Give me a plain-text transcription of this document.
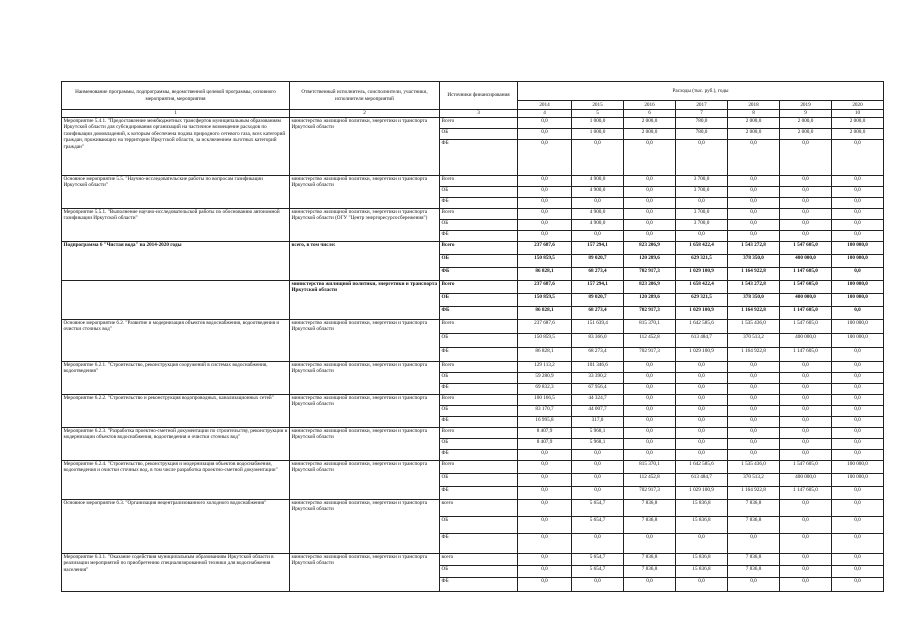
Наименование программы, подпрограммы, ведомственной целевой программы, основного мероприятия, мероприятия	Ответственный исполнитель, соисполнители, участники, исполнители мероприятий	Источники финансирования	Расходы (тыс. руб.), годы						
			2014	2015	2016	2017	2018	2019	2020
1	2	3	4	5	6	7	8	9	10
Мероприятие 5.4.1. "Предоставление межбюджетных трансфертов муниципальным образованиям Иркутской области для субсидирования организаций на частичное возмещение расходов по газификации домовладений, к которым обеспечена подача природного сетевого газа, всех категорий граждан, проживающих на территории Иркутской области, за исключением льготных категорий граждан"	министерство жилищной политики, энергетики и транспорта Иркутской области	Всего	0,0	1 000,0	2 000,0	780,0	2 000,0	2 000,0	2 000,0
		ОБ	0,0	1 000,0	2 000,0	780,0	2 000,0	2 000,0	2 000,0
		ФБ	0,0	0,0	0,0	0,0	0,0	0,0	0,0
Основное мероприятие 5.5. "Научно-исследовательские работы по вопросам газификации Иркутской области"	министерство жилищной политики, энергетики и транспорта Иркутской области	Всего	0,0	4 900,0	0,0	3 700,0	0,0	0,0	0,0
		ОБ	0,0	4 900,0	0,0	3 700,0	0,0	0,0	0,0
		ФБ	0,0	0,0	0,0	0,0	0,0	0,0	0,0
Мероприятие 5.5.1. "Выполнение научно-исследовательской работы по обоснованию автономной газификации Иркутской области"	министерство жилищной политики, энергетики и транспорта Иркутской области (ОГУ "Центр энергоресурсосбережения")	Всего	0,0	4 900,0	0,0	3 700,0	0,0	0,0	0,0
		ОБ	0,0	4 900,0	0,0	3 700,0	0,0	0,0	0,0
		ФБ	0,0	0,0	0,0	0,0	0,0	0,0	0,0
Подпрограмма 6 "Чистая вода" на 2014-2020 годы	всего, в том числе:	Всего	237 687,6	157 294,1	823 206,9	1 658 422,4	1 543 272,8	1 547 605,0	100 000,0
		ОБ	150 859,5	89 020,7	120 289,6	629 321,5	378 350,0	400 000,0	100 000,0
		ФБ	86 828,1	68 273,4	702 917,3	1 029 100,9	1 164 922,8	1 147 605,0	0,0
	министерство жилищной политики, энергетики и транспорта Иркутской области	Всего	237 687,6	157 294,1	823 206,9	1 658 422,4	1 543 272,8	1 547 605,0	100 000,0
		ОБ	150 859,5	89 020,7	120 289,6	629 321,5	378 350,0	400 000,0	100 000,0
		ФБ	86 828,1	68 273,4	702 917,3	1 029 100,9	1 164 922,8	1 147 605,0	0,0
Основное мероприятие 6.2. "Развитие и модернизация объектов водоснабжения, водоотведения и очистки сточных вод"	министерство жилищной политики, энергетики и транспорта Иркутской области	Всего	237 687,6	151 639,4	815 370,1	1 642 585,6	1 535 436,0	1 547 605,0	100 000,0
		ОБ	150 859,5	83 366,0	112 452,8	613 484,7	370 513,2	400 000,0	100 000,0
		ФБ	86 828,1	68 273,4	702 917,3	1 029 100,9	1 164 922,8	1 147 605,0	0,0
Мероприятие 6.2.1. "Строительство, реконструкция сооружений в системах водоснабжения, водоотведения"	министерство жилищной политики, энергетики и транспорта Иркутской области	Всего	129 113,2	101 346,6	0,0	0,0	0,0	0,0	0,0
		ОБ	59 280,9	33 390,2	0,0	0,0	0,0	0,0	0,0
		ФБ	69 832,3	67 956,4	0,0	0,0	0,0	0,0	0,0
Мероприятие 6.2.2. "Строительство и реконструкция водопроводных, канализационных сетей"	министерство жилищной политики, энергетики и транспорта Иркутской области	Всего	100 166,5	44 324,7	0,0	0,0	0,0	0,0	0,0
		ОБ	83 170,7	44 007,7	0,0	0,0	0,0	0,0	0,0
		ФБ	16 995,8	317,0	0,0	0,0	0,0	0,0	0,0
Мероприятие 6.2.3. "Разработка проектно-сметной документации по строительству, реконструкции и модернизации объектов водоснабжения, водоотведения и очистки сточных вод"	министерство жилищной политики, энергетики и транспорта Иркутской области	Всего	8 407,9	5 968,1	0,0	0,0	0,0	0,0	0,0
		ОБ	8 407,9	5 968,1	0,0	0,0	0,0	0,0	0,0
		ФБ	0,0	0,0	0,0	0,0	0,0	0,0	0,0
Мероприятие 6.2.4. "Строительство, реконструкция и модернизация объектов водоснабжения, водоотведения и очистки сточных вод, в том числе разработка проектно-сметной документации"	министерство жилищной политики, энергетики и транспорта Иркутской области	Всего	0,0	0,0	815 370,1	1 642 585,6	1 535 436,0	1 547 605,0	100 000,0
		ОБ	0,0	0,0	112 452,8	613 484,7	370 513,2	400 000,0	100 000,0
		ФБ	0,0	0,0	702 917,3	1 029 100,9	1 164 922,8	1 147 605,0	0,0
Основное мероприятие 6.3. "Организация нецентрализованного холодного водоснабжения"	министерство жилищной политики, энергетики и транспорта Иркутской области	всего	0,0	5 654,7	7 836,8	15 836,8	7 836,8	0,0	0,0
		ОБ	0,0	5 654,7	7 836,8	15 836,8	7 836,8	0,0	0,0
		ФБ	0,0	0,0	0,0	0,0	0,0	0,0	0,0
Мероприятие 6.3.1. "Оказание содействия муниципальным образованиям Иркутской области в реализации мероприятий по приобретению специализированной техники для водоснабжения населения"	министерство жилищной политики, энергетики и транспорта Иркутской области	всего	0,0	5 654,7	7 836,8	15 836,8	7 836,8	0,0	0,0
		ОБ	0,0	5 654,7	7 836,8	15 836,8	7 836,8	0,0	0,0
		ФБ	0,0	0,0	0,0	0,0	0,0	0,0	0,0
